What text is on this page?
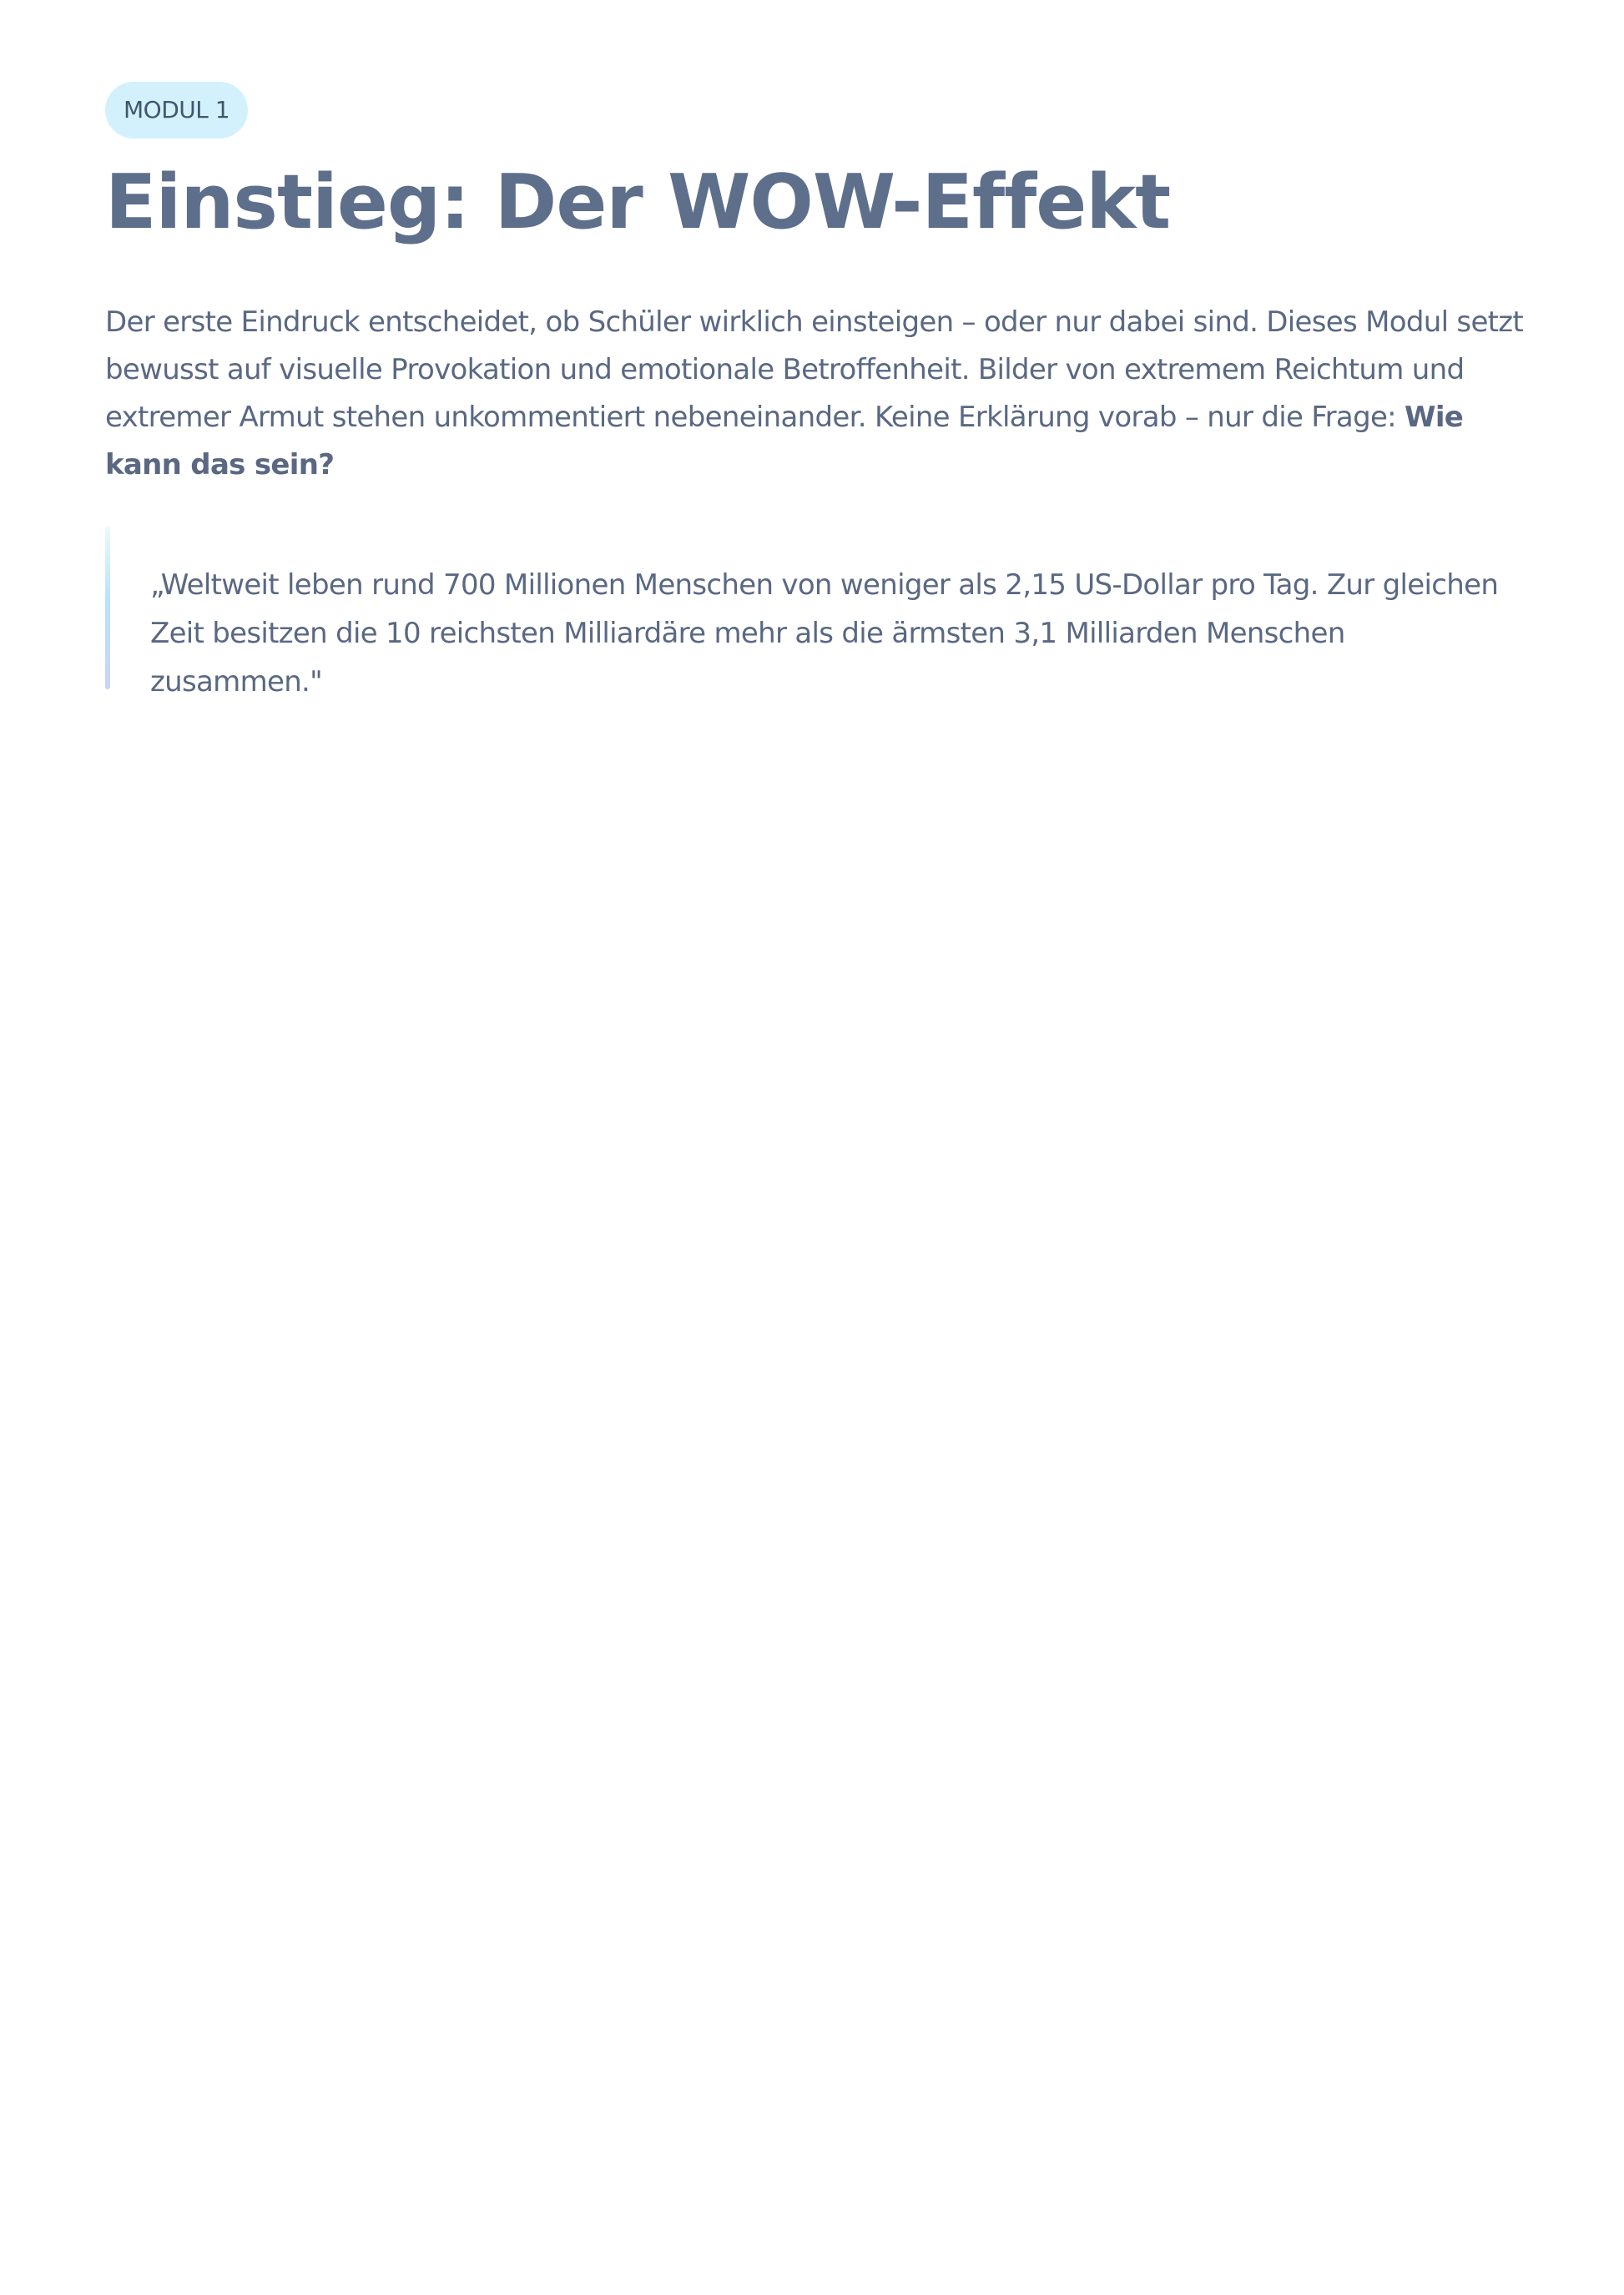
MODUL 1
Einstieg: Der WOW-Effekt

Der erste Eindruck entscheidet, ob Schüler wirklich einsteigen – oder nur dabei sind. Dieses Modul setzt bewusst auf visuelle Provokation und emotionale Betroffenheit. Bilder von extremem Reichtum und extremer Armut stehen unkommentiert nebeneinander. Keine Erklärung vorab – nur die Frage: Wie kann das sein?

„Weltweit leben rund 700 Millionen Menschen von weniger als 2,15 US-Dollar pro Tag. Zur gleichen Zeit besitzen die 10 reichsten Milliardäre mehr als die ärmsten 3,1 Milliarden Menschen zusammen."
